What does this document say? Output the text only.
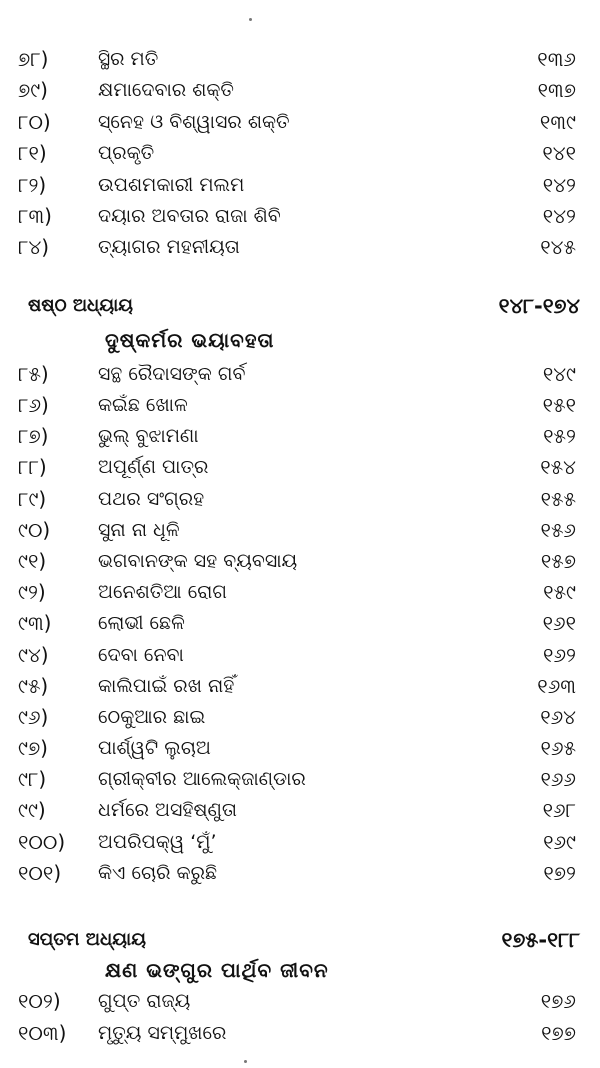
୭୮)	ସ୍ଥିର ମତି	୧୩୬
୭୯)	କ୍ଷମାଦେବାର ଶକ୍ତି	୧୩୭
୮୦)	ସ୍ନେହ ଓ ବିଶ୍ୱାସର ଶକ୍ତି	୧୩୯
୮୧)	ପ୍ରକୃତି	୧୪୧
୮୨)	ଉପଶମକାରୀ ମଲମ	୧୪୨
୮୩)	ଦୟାର ଅବତାର ରାଜା ଶିବି	୧୪୨
୮୪)	ତ୍ୟାଗର ମହନୀୟତା	୧୪୫
ଷଷ୍ଠ ଅଧ୍ୟାୟ	୧୪୮-୧୭୪
ଦୁଷ୍କର୍ମର ଭୟାବହତା
୮୫)	ସନ୍ଥ ରୈଦାସଙ୍କ ଗର୍ବ	୧୪୯
୮୬)	କଇଁଛ ଖୋଳ	୧୫୧
୮୭)	ଭୁଲ୍ ବୁଝାମଣା	୧୫୨
୮୮)	ଅପୂର୍ଣ୍ଣ ପାତ୍ର	୧୫୪
୮୯)	ପଥର ସଂଗ୍ରହ	୧୫୫
୯୦)	ସୁନା ନା ଧୂଳି	୧୫୬
୯୧)	ଭଗବାନଙ୍କ ସହ ବ୍ୟବସାୟ	୧୫୭
୯୨)	ଅନେଶତିଆ ରୋଗ	୧୫୯
୯୩)	ଲୋଭୀ ଛେଳି	୧୬୧
୯୪)	ଦେବା ନେବା	୧୬୨
୯୫)	କାଲିପାଇଁ ରଖ ନାହିଁ	୧୬୩
୯୬)	ଠେକୁଆର ଛାଇ	୧୬୪
୯୭)	ପାର୍ଶ୍ୱଟି ଲୁଚାଅ	୧୬୫
୯୮)	ଗ୍ରୀକ୍‌ବୀର ଆଲେକ୍‌ଜାଣ୍ଡାର	୧୬୬
୯୯)	ଧର୍ମରେ ଅସହିଷ୍ଣୁତା	୧୬୮
୧୦୦)	ଅପରିପକ୍ୱ ‘ମୁଁ’	୧୬୯
୧୦୧)	କିଏ ଚୋରି କରୁଛି	୧୭୨
ସପ୍ତମ ଅଧ୍ୟାୟ	୧୭୫-୧୮୮
କ୍ଷଣ ଭଙ୍ଗୁର ପାର୍ଥିବ ଜୀବନ
୧୦୨)	ଗୁପ୍ତ ରାଜ୍ୟ	୧୭୬
୧୦୩)	ମୃତ୍ୟୁ ସମ୍ମୁଖରେ	୧୭୭
